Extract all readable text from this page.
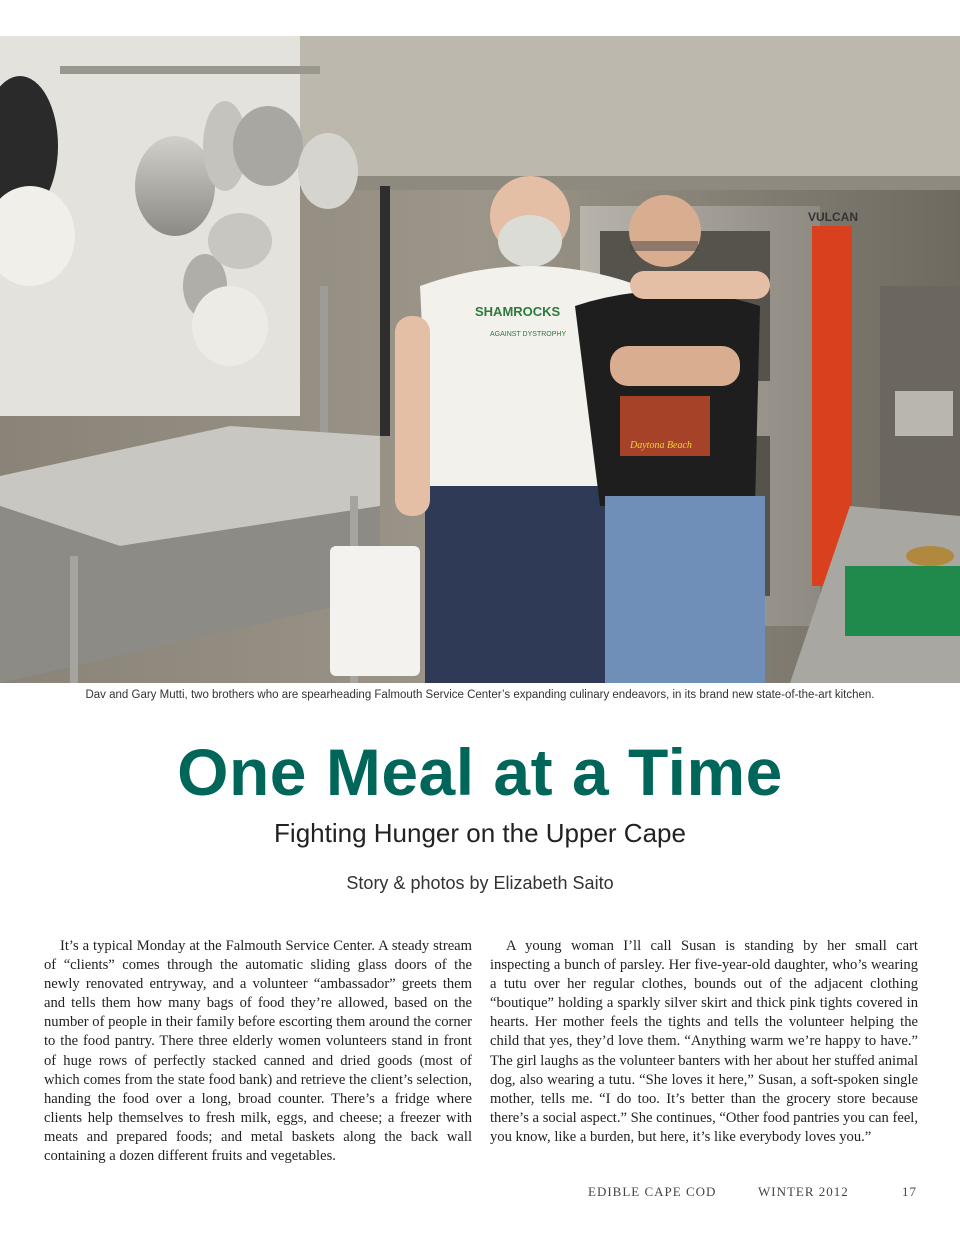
VULCAN
SHAMROCKS
AGAINST DYSTROPHY
Daytona Beach
Dav and Gary Mutti, two brothers who are spearheading Falmouth Service Center’s expanding culinary endeavors, in its brand new state-of-the-art kitchen.
One Meal at a Time
Fighting Hunger on the Upper Cape
Story & photos by Elizabeth Saito

It’s a typical Monday at the Falmouth Service Center. A steady stream of “clients” comes through the automatic sliding glass doors of the newly renovated entryway, and a volunteer “ambassador” greets them and tells them how many bags of food they’re allowed, based on the number of people in their family before escorting them around the corner to the food pantry. There three elderly women volunteers stand in front of huge rows of perfectly stacked canned and dried goods (most of which comes from the state food bank) and retrieve the client’s selection, handing the food over a long, broad counter. There’s a fridge where clients help themselves to fresh milk, eggs, and cheese; a freezer with meats and prepared foods; and metal baskets along the back wall containing a dozen different fruits and vegetables.

A young woman I’ll call Susan is standing by her small cart inspecting a bunch of parsley. Her five-year-old daughter, who’s wearing a tutu over her regular clothes, bounds out of the adjacent clothing “boutique” holding a sparkly silver skirt and thick pink tights covered in hearts. Her mother feels the tights and tells the volunteer helping the child that yes, they’d love them. “Anything warm we’re happy to have.” The girl laughs as the volunteer banters with her about her stuffed animal dog, also wearing a tutu. “She loves it here,” Susan, a soft-spoken single mother, tells me. “I do too. It’s better than the grocery store because there’s a social aspect.” She continues, “Other food pantries you can feel, you know, like a burden, but here, it’s like everybody loves you.”

EDIBLE CAPE COD	WINTER 2012	17
